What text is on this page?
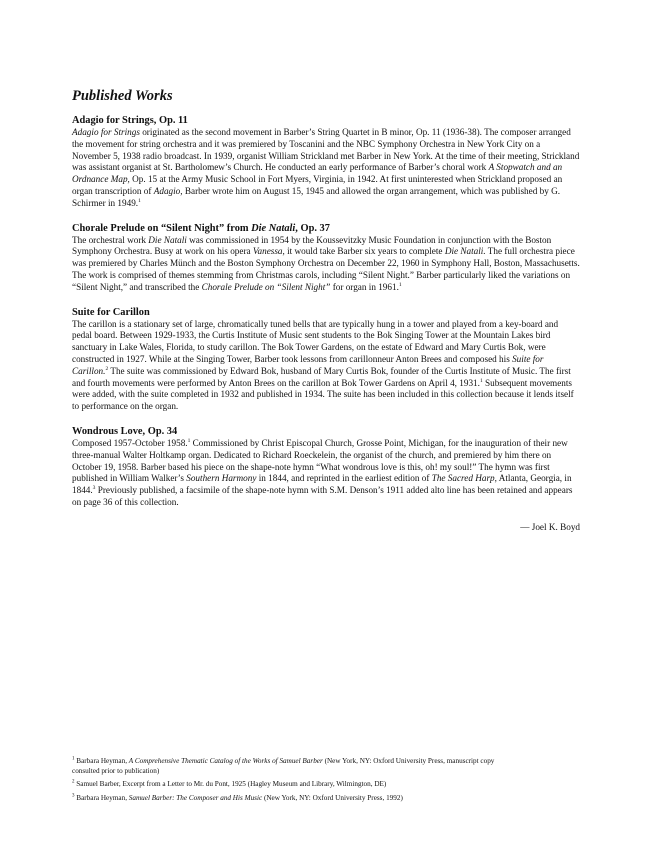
Published Works
Adagio for Strings, Op. 11

Adagio for Strings originated as the second movement in Barber’s String Quartet in B minor, Op. 11 (1936-38). The composer arranged the movement for string orchestra and it was premiered by Toscanini and the NBC Symphony Orchestra in New York City on a November 5, 1938 radio broadcast. In 1939, organist William Strickland met Barber in New York. At the time of their meeting, Strickland was assistant organist at St. Bartholomew’s Church. He conducted an early performance of Barber’s choral work A Stopwatch and an Ordnance Map, Op. 15 at the Army Music School in Fort Myers, Virginia, in 1942. At first uninterested when Strickland proposed an organ transcription of Adagio, Barber wrote him on August 15, 1945 and allowed the organ arrangement, which was published by G. Schirmer in 1949.$^1$

Chorale Prelude on “Silent Night” from Die Natali, Op. 37

The orchestral work Die Natali was commissioned in 1954 by the Koussevitzky Music Foundation in conjunction with the Boston Symphony Orchestra. Busy at work on his opera Vanessa, it would take Barber six years to complete Die Natali. The full orchestra piece was premiered by Charles Münch and the Boston Symphony Orchestra on December 22, 1960 in Symphony Hall, Boston, Massachusetts. The work is comprised of themes stemming from Christmas carols, including “Silent Night.” Barber particularly liked the variations on “Silent Night,” and transcribed the Chorale Prelude on “Silent Night” for organ in 1961.$^1$

Suite for Carillon

The carillon is a stationary set of large, chromatically tuned bells that are typically hung in a tower and played from a key-board and pedal board. Between 1929-1933, the Curtis Institute of Music sent students to the Bok Singing Tower at the Mountain Lakes bird sanctuary in Lake Wales, Florida, to study carillon. The Bok Tower Gardens, on the estate of Edward and Mary Curtis Bok, were constructed in 1927. While at the Singing Tower, Barber took lessons from carillonneur Anton Brees and composed his Suite for Carillon.$^2$ The suite was commissioned by Edward Bok, husband of Mary Curtis Bok, founder of the Curtis Institute of Music. The first and fourth movements were performed by Anton Brees on the carillon at Bok Tower Gardens on April 4, 1931.$^1$ Subsequent movements were added, with the suite completed in 1932 and published in 1934. The suite has been included in this collection because it lends itself to performance on the organ.

Wondrous Love, Op. 34

Composed 1957-October 1958.$^1$ Commissioned by Christ Episcopal Church, Grosse Point, Michigan, for the inauguration of their new three-manual Walter Holtkamp organ. Dedicated to Richard Roeckelein, the organist of the church, and premiered by him there on October 19, 1958. Barber based his piece on the shape-note hymn “What wondrous love is this, oh! my soul!” The hymn was first published in William Walker’s Southern Harmony in 1844, and reprinted in the earliest edition of The Sacred Harp, Atlanta, Georgia, in 1844.$^3$ Previously published, a facsimile of the shape-note hymn with S.M. Denson’s 1911 added alto line has been retained and appears on page 36 of this collection.

— Joel K. Boyd

$^1$ Barbara Heyman, A Comprehensive Thematic Catalog of the Works of Samuel Barber (New York, NY: Oxford University Press, manuscript copy consulted prior to publication)

$^2$ Samuel Barber, Excerpt from a Letter to Mr. du Pont, 1925 (Hagley Museum and Library, Wilmington, DE)

$^3$ Barbara Heyman, Samuel Barber: The Composer and His Music (New York, NY: Oxford University Press, 1992)
